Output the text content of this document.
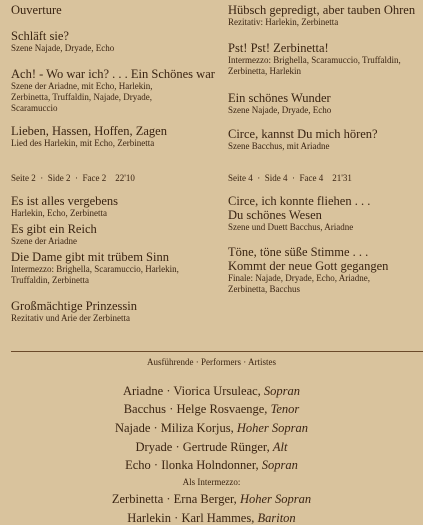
Ouverture
Schläft sie?
Szene Najade, Dryade, Echo
Ach! - Wo war ich? . . . Ein Schönes war
Szene der Ariadne, mit Echo, Harlekin,
Zerbinetta, Truffaldin, Najade, Dryade,
Scaramuccio
Lieben, Hassen, Hoffen, Zagen
Lied des Harlekin, mit Echo, Zerbinetta
Seite 2  ·  Side 2  ·  Face 2    22'10
Es ist alles vergebens
Harlekin, Echo, Zerbinetta
Es gibt ein Reich
Szene der Ariadne
Die Dame gibt mit trübem Sinn
Intermezzo: Brighella, Scaramuccio, Harlekin,
Truffaldin, Zerbinetta
Großmächtige Prinzessin
Rezitativ und Arie der Zerbinetta
Hübsch gepredigt, aber tauben Ohren
Rezitativ: Harlekin, Zerbinetta
Pst! Pst! Zerbinetta!
Intermezzo: Brighella, Scaramuccio, Truffaldin,
Zerbinetta, Harlekin
Ein schönes Wunder
Szene Najade, Dryade, Echo
Circe, kannst Du mich hören?
Szene Bacchus, mit Ariadne
Seite 4  ·  Side 4  ·  Face 4    21'31
Circe, ich konnte fliehen . . .
Du schönes Wesen
Szene und Duett Bacchus, Ariadne
Töne, töne süße Stimme . . .
Kommt der neue Gott gegangen
Finale: Najade, Dryade, Echo, Ariadne,
Zerbinetta, Bacchus
Ausführende · Performers · Artistes
Ariadne · Viorica Ursuleac, Sopran
Bacchus · Helge Rosvaenge, Tenor
Najade · Miliza Korjus, Hoher Sopran
Dryade · Gertrude Rünger, Alt
Echo · Ilonka Holndonner, Sopran
Als Intermezzo:
Zerbinetta · Erna Berger, Hoher Sopran
Harlekin · Karl Hammes, Bariton
